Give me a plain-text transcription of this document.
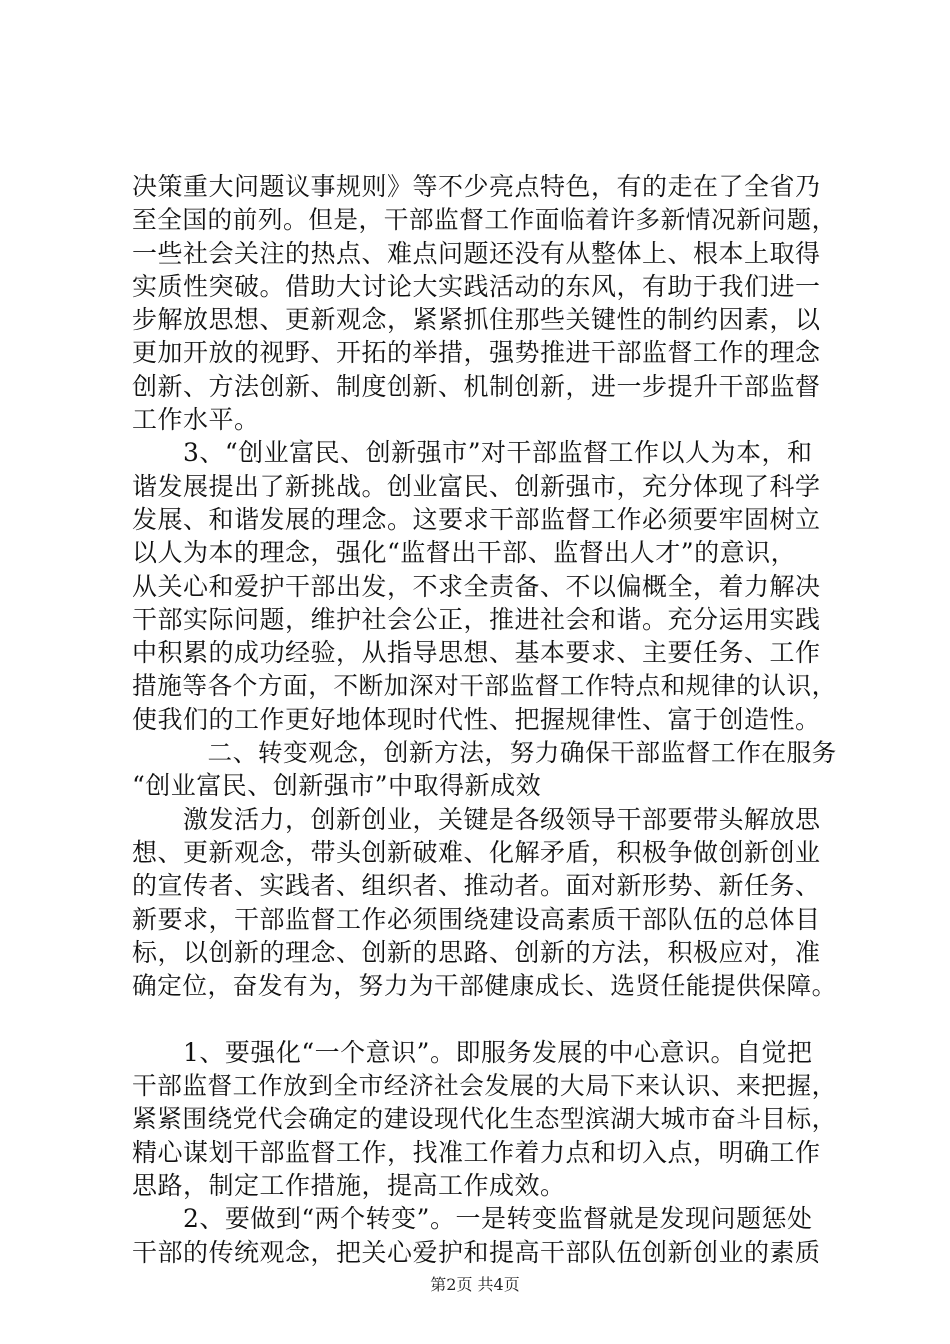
决策重大问题议事规则》等不少亮点特色，有的走在了全省乃
至全国的前列。但是，干部监督工作面临着许多新情况新问题，
一些社会关注的热点、难点问题还没有从整体上、根本上取得
实质性突破。借助大讨论大实践活动的东风，有助于我们进一
步解放思想、更新观念，紧紧抓住那些关键性的制约因素，以
更加开放的视野、开拓的举措，强势推进干部监督工作的理念
创新、方法创新、制度创新、机制创新，进一步提升干部监督
工作水平。
　　3、“创业富民、创新强市”对干部监督工作以人为本，和
谐发展提出了新挑战。创业富民、创新强市，充分体现了科学
发展、和谐发展的理念。这要求干部监督工作必须要牢固树立
以人为本的理念，强化“监督出干部、监督出人才”的意识，
从关心和爱护干部出发，不求全责备、不以偏概全，着力解决
干部实际问题，维护社会公正，推进社会和谐。充分运用实践
中积累的成功经验，从指导思想、基本要求、主要任务、工作
措施等各个方面，不断加深对干部监督工作特点和规律的认识，
使我们的工作更好地体现时代性、把握规律性、富于创造性。
　　　二、转变观念，创新方法，努力确保干部监督工作在服务
“创业富民、创新强市”中取得新成效
　　激发活力，创新创业，关键是各级领导干部要带头解放思
想、更新观念，带头创新破难、化解矛盾，积极争做创新创业
的宣传者、实践者、组织者、推动者。面对新形势、新任务、
新要求，干部监督工作必须围绕建设高素质干部队伍的总体目
标，以创新的理念、创新的思路、创新的方法，积极应对，准
确定位，奋发有为，努力为干部健康成长、选贤任能提供保障。
　　1、要强化“一个意识”。即服务发展的中心意识。自觉把
干部监督工作放到全市经济社会发展的大局下来认识、来把握，
紧紧围绕党代会确定的建设现代化生态型滨湖大城市奋斗目标，
精心谋划干部监督工作，找准工作着力点和切入点，明确工作
思路，制定工作措施，提高工作成效。
　　2、要做到“两个转变”。一是转变监督就是发现问题惩处
干部的传统观念，把关心爱护和提高干部队伍创新创业的素质
第2页 共4页
